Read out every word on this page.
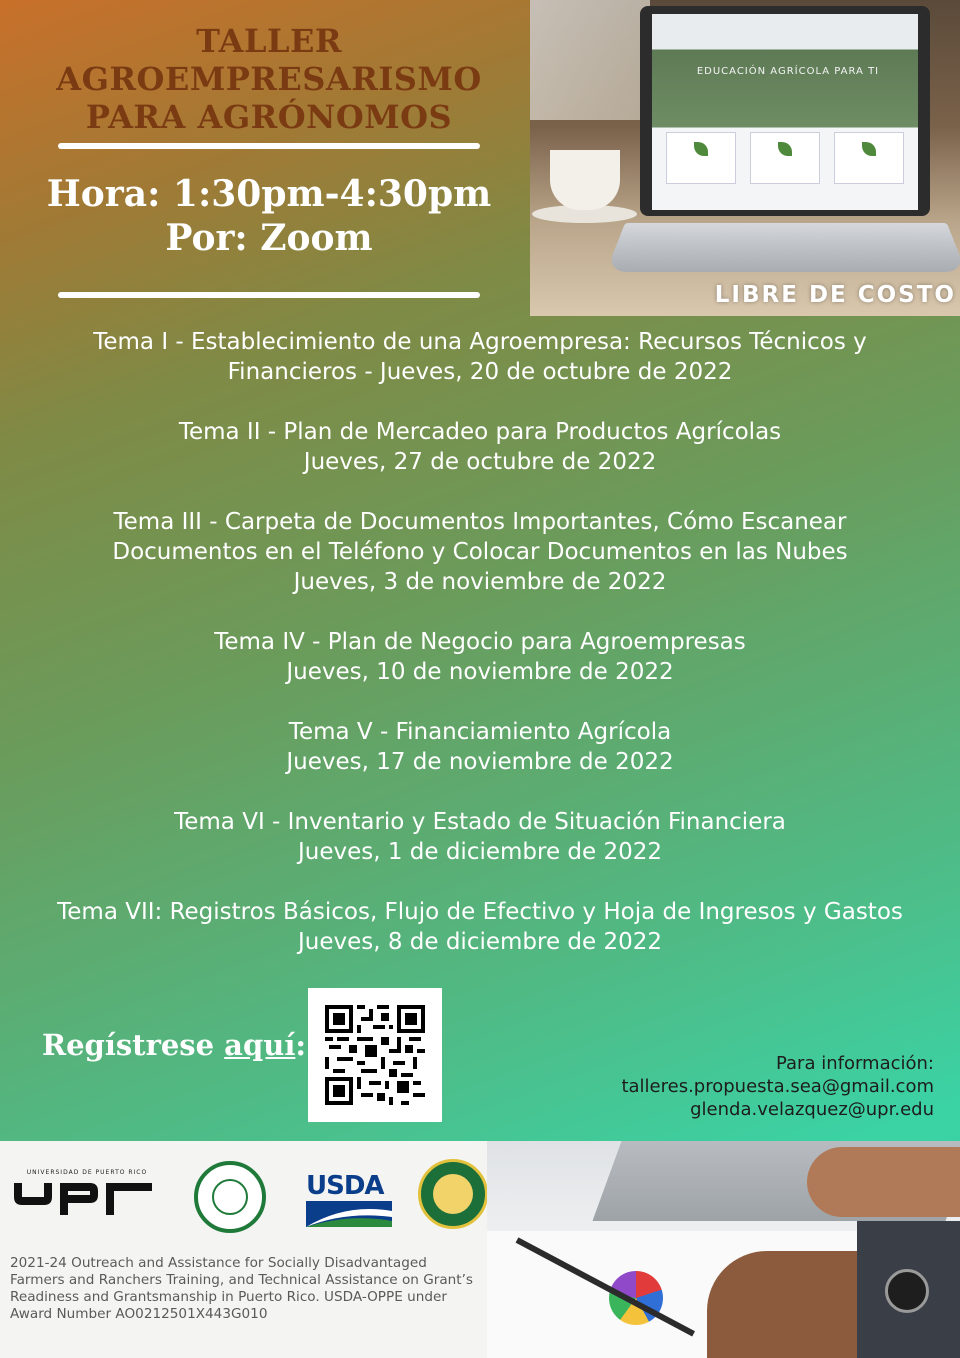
TALLER
AGROEMPRESARISMO
PARA AGRÓNOMOS
Hora: 1:30pm-4:30pm
Por: Zoom
EDUCACIÓN AGRÍCOLA PARA TI
LIBRE DE COSTO
Tema I - Establecimiento de una Agroempresa: Recursos Técnicos y
Financieros - Jueves, 20 de octubre de 2022
Tema II - Plan de Mercadeo para Productos Agrícolas
Jueves, 27 de octubre de 2022
Tema III - Carpeta de Documentos Importantes, Cómo Escanear
Documentos en el Teléfono y Colocar Documentos en las Nubes
Jueves, 3 de noviembre de 2022
Tema IV - Plan de Negocio para Agroempresas
Jueves, 10 de noviembre de 2022
Tema V - Financiamiento Agrícola
Jueves, 17 de noviembre de 2022
Tema VI - Inventario y Estado de Situación Financiera
Jueves, 1 de diciembre de 2022
Tema VII: Registros Básicos, Flujo de Efectivo y Hoja de Ingresos y Gastos
Jueves, 8 de diciembre de 2022
Regístrese aquí:
Para información:
talleres.propuesta.sea@gmail.com
glenda.velazquez@upr.edu
UNIVERSIDAD DE PUERTO RICO	USDA
2021-24 Outreach and Assistance for Socially Disadvantaged Farmers and Ranchers Training, and Technical Assistance on Grant’s Readiness and Grantsmanship in Puerto Rico. USDA-OPPE under Award Number AO0212501X443G010
